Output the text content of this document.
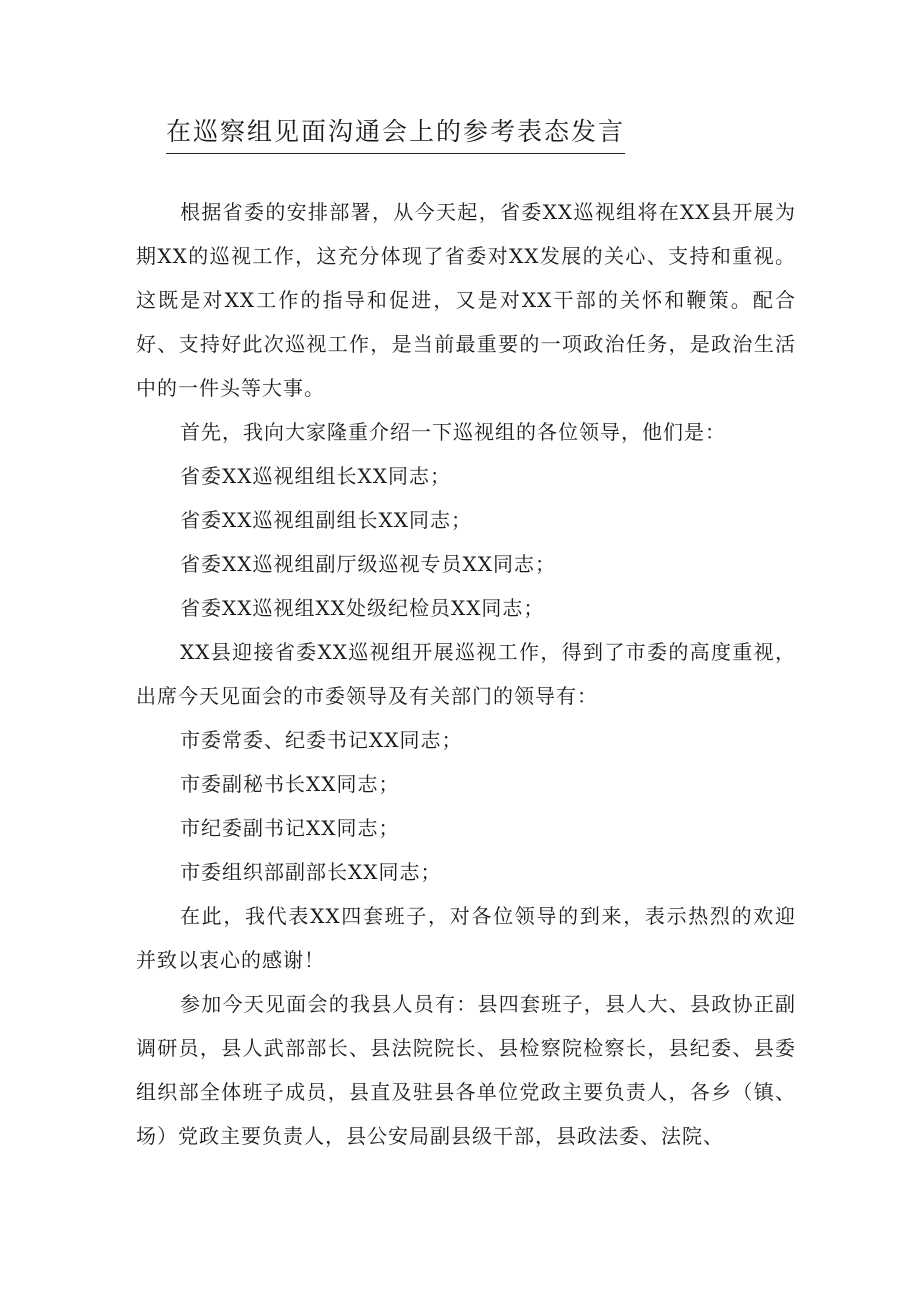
在巡察组见面沟通会上的参考表态发言

根据省委的安排部署，从今天起，省委XX巡视组将在XX县开展为期XX的巡视工作，这充分体现了省委对XX发展的关心、支持和重视。这既是对XX工作的指导和促进，又是对XX干部的关怀和鞭策。配合好、支持好此次巡视工作，是当前最重要的一项政治任务，是政治生活中的一件头等大事。

首先，我向大家隆重介绍一下巡视组的各位领导，他们是：

省委XX巡视组组长XX同志；

省委XX巡视组副组长XX同志；

省委XX巡视组副厅级巡视专员XX同志；

省委XX巡视组XX处级纪检员XX同志；

XX县迎接省委XX巡视组开展巡视工作，得到了市委的高度重视，出席今天见面会的市委领导及有关部门的领导有：

市委常委、纪委书记XX同志；

市委副秘书长XX同志；

市纪委副书记XX同志；

市委组织部副部长XX同志；

在此，我代表XX四套班子，对各位领导的到来，表示热烈的欢迎并致以衷心的感谢！

参加今天见面会的我县人员有：县四套班子，县人大、县政协正副调研员，县人武部部长、县法院院长、县检察院检察长，县纪委、县委组织部全体班子成员，县直及驻县各单位党政主要负责人，各乡（镇、场）党政主要负责人，县公安局副县级干部，县政法委、法院、
